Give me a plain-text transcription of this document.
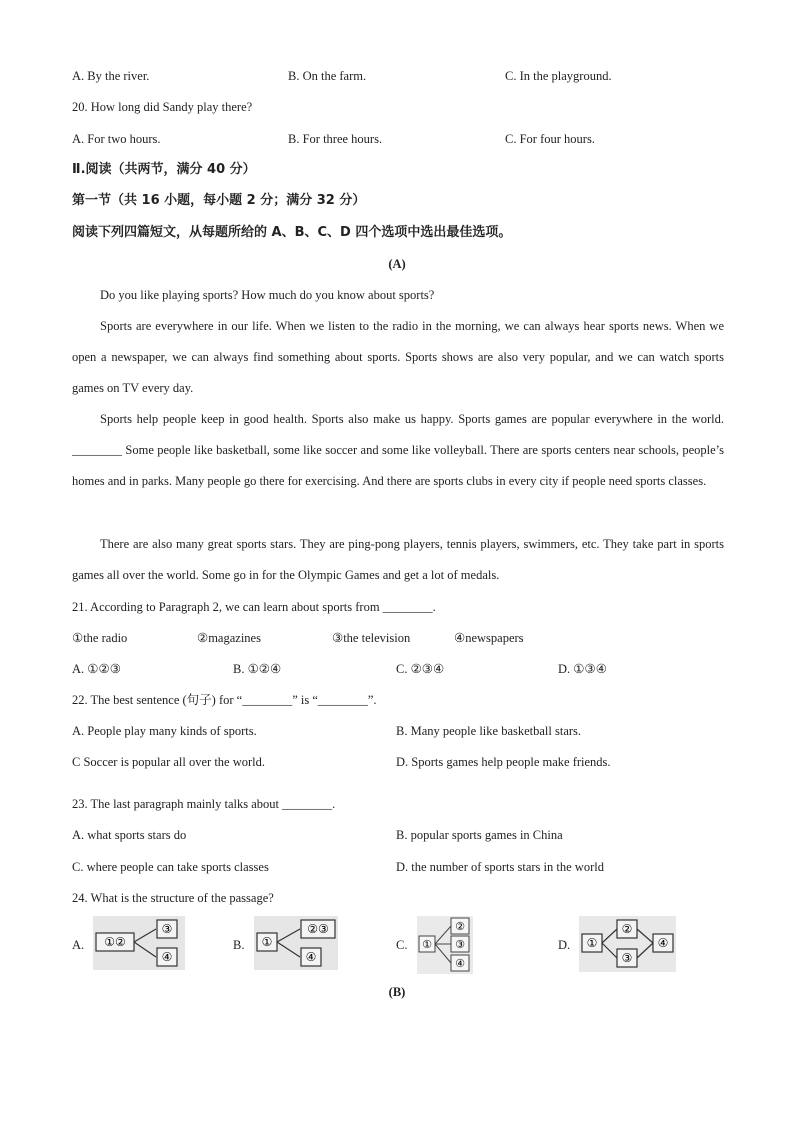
A. By the river.	B. On the farm.	C. In the playground.
20. How long did Sandy play there?
A. For two hours.	B. For three hours.	C. For four hours.
Ⅱ.阅读（共两节，满分 40 分）
第一节（共 16 小题，每小题 2 分；满分 32 分）
阅读下列四篇短文，从每题所给的 A、B、C、D 四个选项中选出最佳选项。
(A)
Do you like playing sports? How much do you know about sports?
Sports are everywhere in our life. When we listen to the radio in the morning, we can always hear sports news. When we open a newspaper, we can always find something about sports. Sports shows are also very popular, and we can watch sports games on TV every day.
Sports help people keep in good health. Sports also make us happy. Sports games are popular everywhere in the world. ________ Some people like basketball, some like soccer and some like volleyball. There are sports centers near schools, people’s homes and in parks. Many people go there for exercising. And there are sports clubs in every city if people need sports classes.
There are also many great sports stars. They are ping-pong players, tennis players, swimmers, etc. They take part in sports games all over the world. Some go in for the Olympic Games and get a lot of medals.
21. According to Paragraph 2, we can learn about sports from ________.
①the radio	②magazines	③the television	④newspapers
A. ①②③	B. ①②④	C. ②③④	D. ①③④
22. The best sentence (句子) for “________” is “________”.
A. People play many kinds of sports.	B. Many people like basketball stars.
C Soccer is popular all over the world.	D. Sports games help people make friends.
23. The last paragraph mainly talks about ________.
A. what sports stars do	B. popular sports games in China
C. where people can take sports classes	D. the number of sports stars in the world
24. What is the structure of the passage?
A. ①②
③
④
B. ①
②③
④
C. ①
②
③
④
D. ①
②
③
④
(B)
